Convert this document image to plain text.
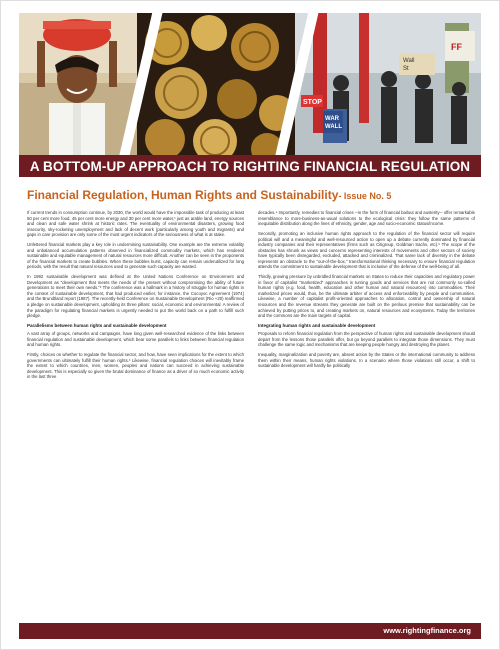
STOP
WAR
WALL
Wall
St
FF
A BOTTOM-UP APPROACH TO RIGHTING FINANCIAL REGULATION
Financial Regulation, Human Rights and Sustainability- Issue No. 5

If current trends in consumption continue, by 2030, the world would have the impossible task of producing at least 50 per cent more food, 45 per cent more energy and 30 per cent more water,¹ just as arable land, energy sources and clean and safe water shrink at historic rates. The eventuality of environmental disasters, growing food insecurity, sky-rocketing unemployment and lack of decent work (particularly among youth and migrants) and gaps in care provision are only some of the most urgent indicators of the seriousness of what is at stake.

Unfettered financial markets play a key role in undermining sustainability. One example are the extreme volatility and unbalanced accumulation patterns observed in financialized commodity markets, which has rendered sustainable and equitable management of natural resources more difficult. Another can be seen in the proponents of the financial markets to create bubbles. When these bubbles burst, capacity can remain underutilized for long periods, with the result that natural resources used to generate such capacity are wasted.

In 1992 sustainable development was defined at the United Nations Conference on Environment and Development as "development that meets the needs of the present without compromising the ability of future generations to meet their own needs."² The conference was a hallmark in a history of struggle for human rights in the context of sustainable development, that had produced earlier, for instance, the Cocoyoc Agreement (1974) and the Brundtland report (1987). The recently-held Conference on Sustainable Development (Rio +20) reaffirmed a pledge on sustainable development, upholding its three pillars: social, economic and environmental. A review of the paradigm for regulating financial markets is urgently needed to put the world back on a path to fulfill such pledge.

Parallelisms between human rights and sustainable development

A vast array of groups, networks and campaigns, have long given well-researched evidence of the links between financial regulation and sustainable development, which bear some parallels to links between financial regulation and human rights.

Firstly, choices on whether to regulate the financial sector, and how, have seen implications for the extent to which governments can ultimately fulfill their human rights.³ Likewise, financial regulation choices will inevitably frame the extent to which countries, men, women, peoples and nations can succeed in achieving sustainable development. This is especially so given the brutal dominance of finance as a driver of so much economic activity in the last three

decades.⁴ Importantly, remedies to financial crises ─in the form of financial bailout and austerity─ offer remarkable resemblance to more-business-as-usual solutions to the ecological crisis: they follow the same patterns of inequitable distribution along the lines of ethnicity, gender, age and socio-economic status/income.

Secondly, promoting an inclusive human rights approach to the regulation of the financial sector will require political will and a meaningful and well-resourced action to open up a debate currently dominated by financial industry companies and their representatives (firms such as Citigroup, Goldman Sachs, etc).⁵ The scope of the obstacles has shrunk as views and concerns representing interests of movements and other sectors of society have typically been disregarded, excluded, attacked and criminalized. That same lack of diversity in the debate represents an obstacle to the "out-of-the-box," transformational thinking necessary to ensure financial regulation attends the commitment to sustainable development that is inclusive of the defense of the well-being of all.

Thirdly, growing pressure by unbridled financial markets on States to reduce their capacities and regulatory power in favor of capitalist "marketized" approaches is turning goods and services that are not commonly so-called human rights (e.g. food, health, education and other human and natural resources) into commodities. Their marketized prices would, thus, be the ultimate arbiter of access and enforceability by people and communities. Likewise, a number of capitalist profit-oriented approaches to allocation, control and ownership of natural resources and the revenue streams they generate are built on the perilous premise that sustainability can be achieved by putting prices to, and creating markets on, natural resources and ecosystems. Today the territories and the commons are the main targets of capital.

Integrating human rights and sustainable development

Proposals to reform financial regulation from the perspective of human rights and sustainable development should depart from the lessons those parallels offer, but go beyond parallels to integrate those dimensions. They must challenge the same logic and mechanisms that are keeping people hungry and destroying the planet.

Inequality, marginalization and poverty are, absent action by the States or the international community to address them within their means, human rights violations. In a scenario where those violations still occur, a shift to sustainable development will hardly be politically

www.rightingfinance.org
